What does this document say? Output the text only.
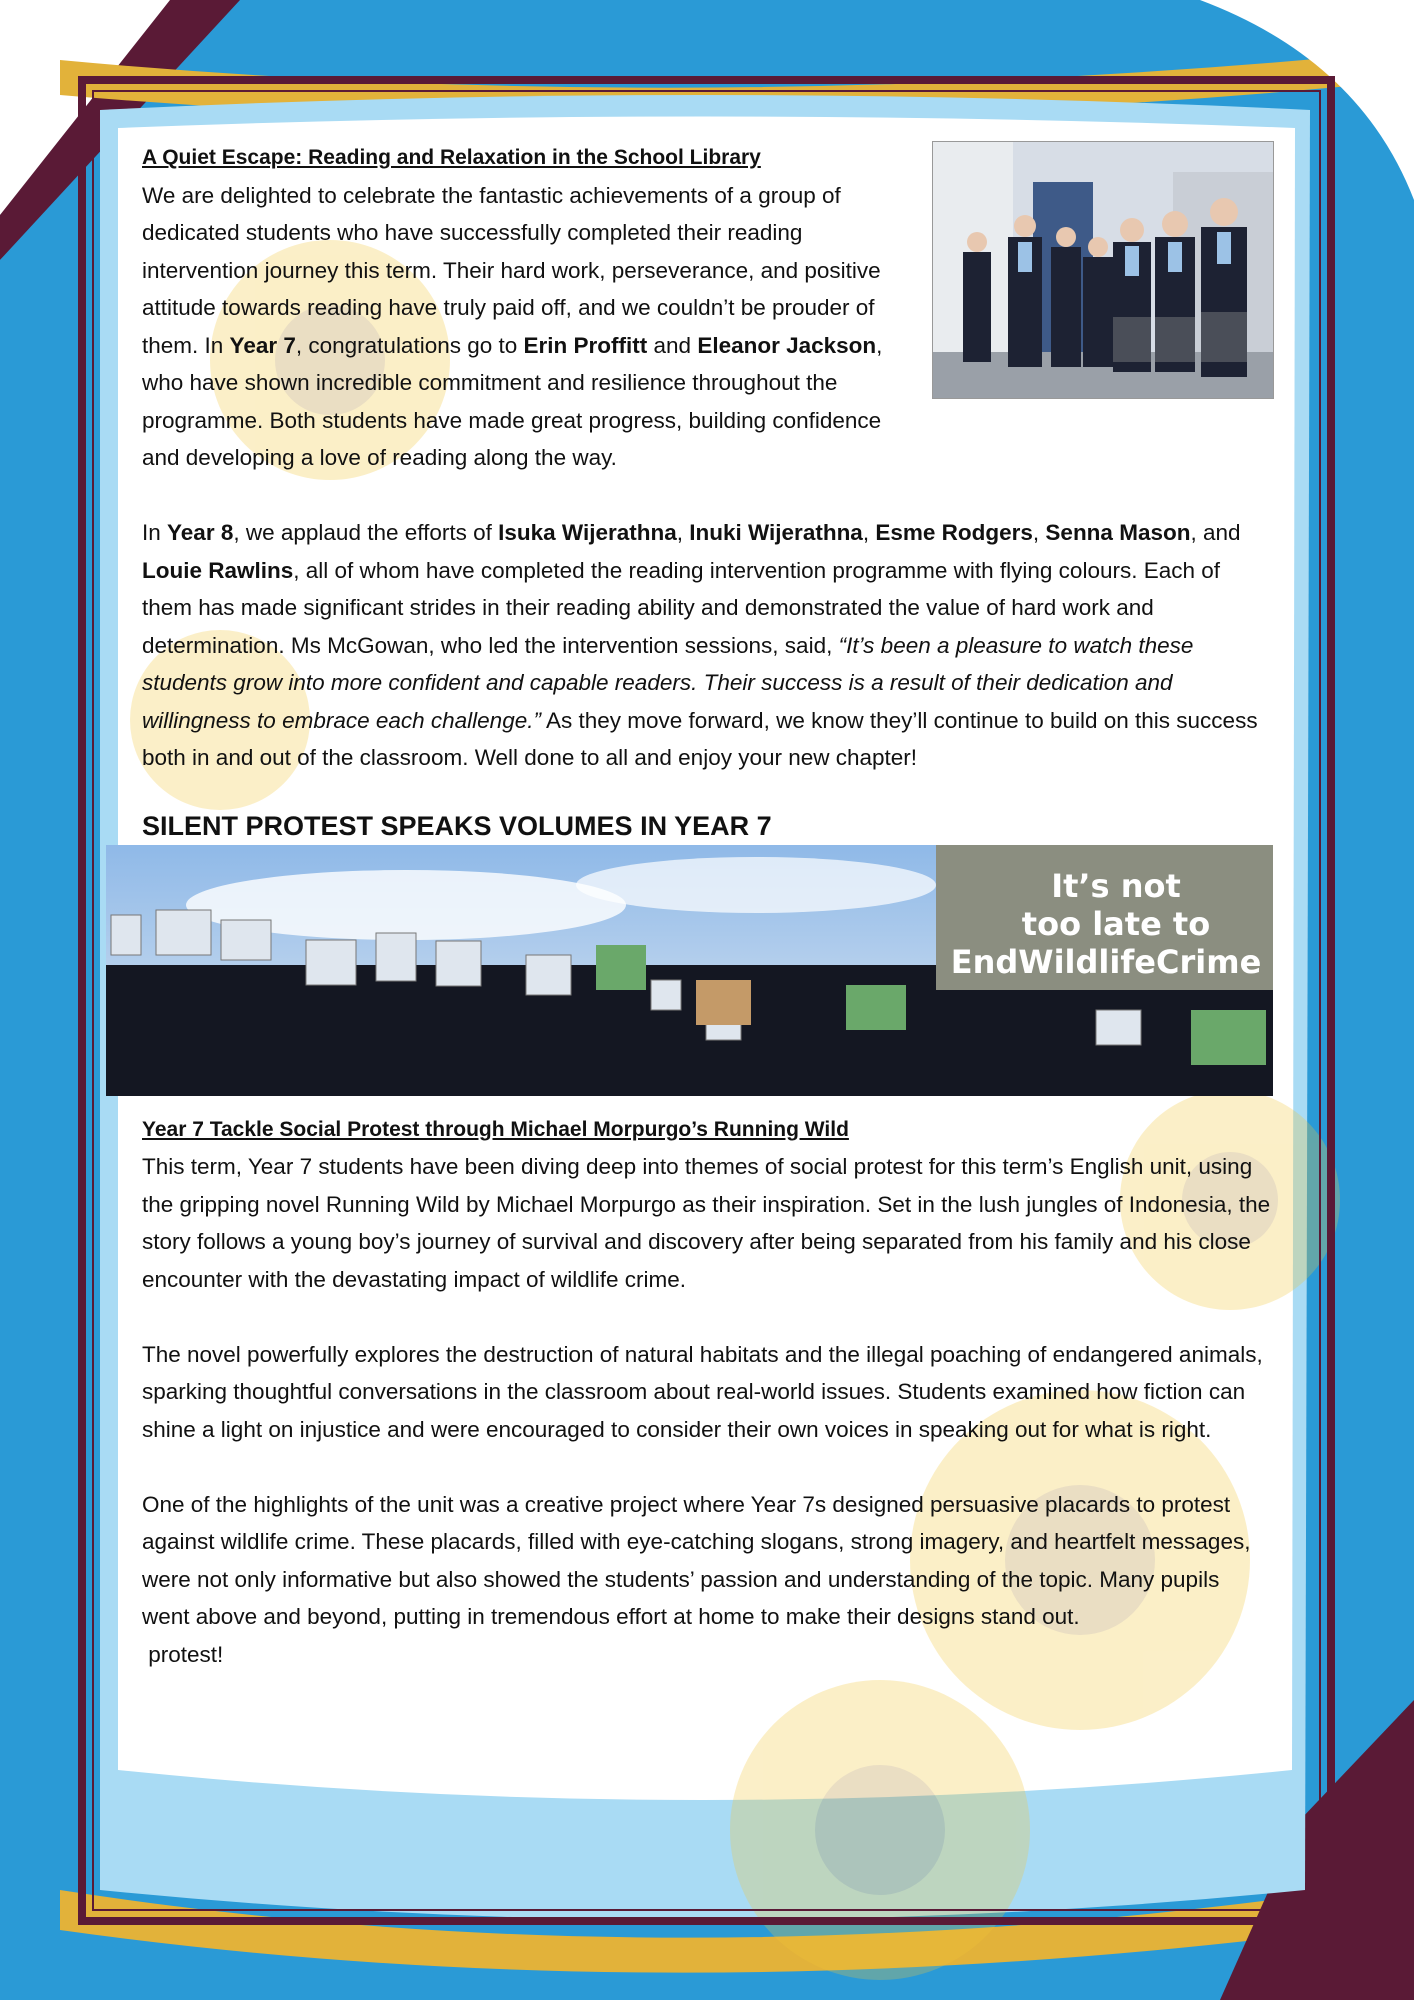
A Quiet Escape: Reading and Relaxation in the School Library

We are delighted to celebrate the fantastic achievements of a group of dedicated students who have successfully completed their reading intervention journey this term. Their hard work, perseverance, and positive attitude towards reading have truly paid off, and we couldn’t be prouder of them. In Year 7, congratulations go to Erin Proffitt and Eleanor Jackson, who have shown incredible commitment and resilience throughout the programme. Both students have made great progress, building confidence and developing a love of reading along the way.

In Year 8, we applaud the efforts of Isuka Wijerathna, Inuki Wijerathna, Esme Rodgers, Senna Mason, and Louie Rawlins, all of whom have completed the reading intervention programme with flying colours. Each of them has made significant strides in their reading ability and demonstrated the value of hard work and determination. Ms McGowan, who led the intervention sessions, said, “It’s been a pleasure to watch these students grow into more confident and capable readers. Their success is a result of their dedication and willingness to embrace each challenge.” As they move forward, we know they’ll continue to build on this success both in and out of the classroom. Well done to all and enjoy your new chapter!

SILENT PROTEST SPEAKS VOLUMES IN YEAR 7

It’s not
too late to
EndWildlifeCrime

Year 7 Tackle Social Protest through Michael Morpurgo’s Running Wild

This term, Year 7 students have been diving deep into themes of social protest for this term’s English unit, using the gripping novel Running Wild by Michael Morpurgo as their inspiration. Set in the lush jungles of Indonesia, the story follows a young boy’s journey of survival and discovery after being separated from his family and his close encounter with the devastating impact of wildlife crime.

The novel powerfully explores the destruction of natural habitats and the illegal poaching of endangered animals, sparking thoughtful conversations in the classroom about real-world issues. Students examined how fiction can shine a light on injustice and were encouraged to consider their own voices in speaking out for what is right.

One of the highlights of the unit was a creative project where Year 7s designed persuasive placards to protest against wildlife crime. These placards, filled with eye-catching slogans, strong imagery, and heartfelt messages, were not only informative but also showed the students’ passion and understanding of the topic. Many pupils went above and beyond, putting in tremendous effort at home to make their designs stand out.

protest!
